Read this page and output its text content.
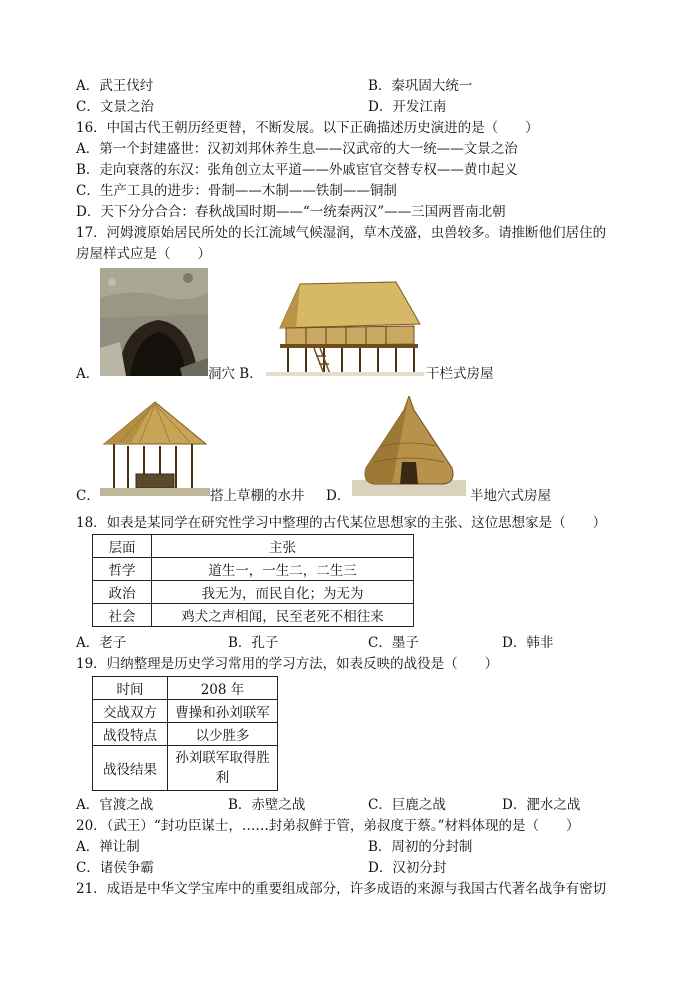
A．武王伐纣	B．秦巩固大统一
C．文景之治	D．开发江南
16．中国古代王朝历经更替，不断发展。以下正确描述历史演进的是（　　）
A．第一个封建盛世：汉初刘邦休养生息——汉武帝的大一统——文景之治
B．走向衰落的东汉：张角创立太平道——外戚宦官交替专权——黄巾起义
C．生产工具的进步：骨制——木制——铁制——铜制
D．天下分分合合：春秋战国时期——“一统秦两汉”——三国两晋南北朝
17．河姆渡原始居民所处的长江流域气候湿润，草木茂盛，虫兽较多。请推断他们居住的
房屋样式应是（　　）
A．	洞穴 B．	干栏式房屋
C．	搭上草棚的水井 D．	半地穴式房屋
18．如表是某同学在研究性学习中整理的古代某位思想家的主张、这位思想家是（　　）
层面	主张
哲学	道生一，一生二，二生三
政治	我无为，而民自化；为无为
社会	鸡犬之声相闻，民至老死不相往来
A．老子	B．孔子	C．墨子	D．韩非
19．归纳整理是历史学习常用的学习方法，如表反映的战役是（　　）
时间	208 年
交战双方	曹操和孙刘联军
战役特点	以少胜多
战役结果	孙刘联军取得胜
利
A．官渡之战	B．赤壁之战	C．巨鹿之战	D．淝水之战
20．（武王）“封功臣谋士，……封弟叔鲜于管，弟叔度于蔡。”材料体现的是（　　）
A．禅让制	B．周初的分封制
C．诸侯争霸	D．汉初分封
21．成语是中华文学宝库中的重要组成部分，许多成语的来源与我国古代著名战争有密切
